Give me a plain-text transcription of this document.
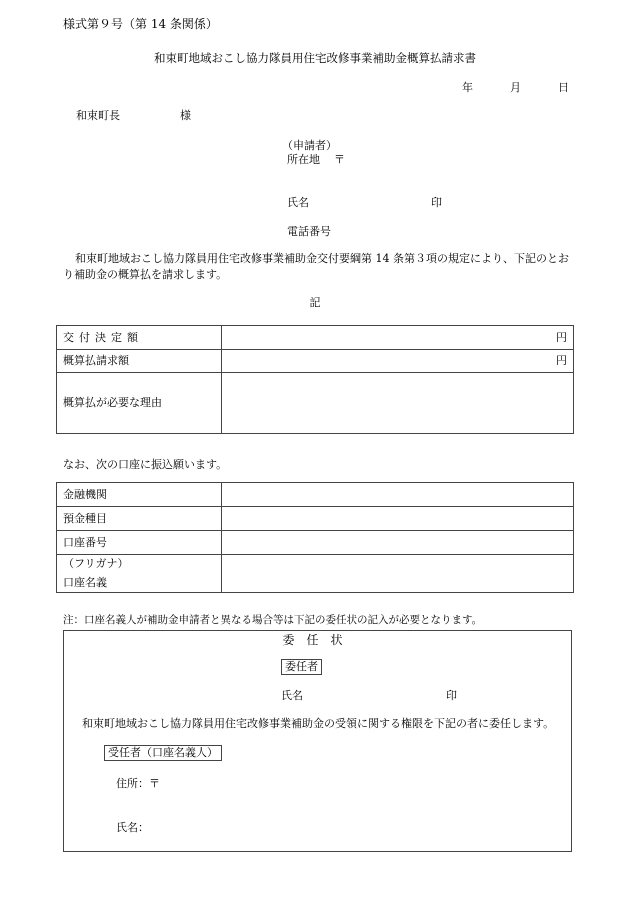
様式第９号（第 14 条関係）
和束町地域おこし協力隊員用住宅改修事業補助金概算払請求書
年	月	日
和束町長	様
（申請者）
所在地 〒
氏名	印
電話番号
和束町地域おこし協力隊員用住宅改修事業補助金交付要綱第 14 条第３項の規定により、下記のとおり補助金の概算払を請求します。
記
交付決定額	円
概算払請求額	円
概算払が必要な理由	
なお、次の口座に振込願います。
金融機関	
預金種目	
口座番号	

（フリガナ）
口座名義	

注：口座名義人が補助金申請者と異なる場合等は下記の委任状の記入が必要となります。
委任状
委任者
氏名	印
和束町地域おこし協力隊員用住宅改修事業補助金の受領に関する権限を下記の者に委任します。
受任者（口座名義人）
住所：〒
氏名：
